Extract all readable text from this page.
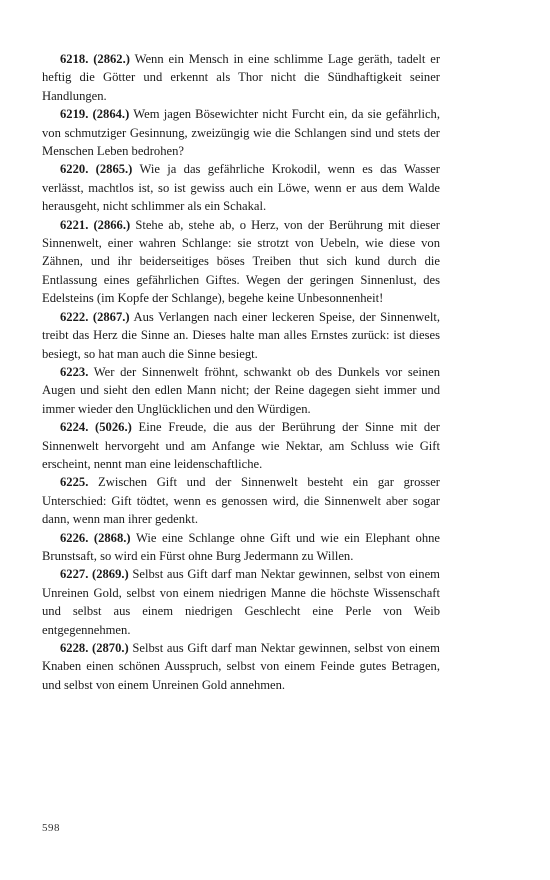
6218. (2862.) Wenn ein Mensch in eine schlimme Lage geräth, tadelt er heftig die Götter und erkennt als Thor nicht die Sündhaftigkeit seiner Handlungen.

6219. (2864.) Wem jagen Bösewichter nicht Furcht ein, da sie gefährlich, von schmutziger Gesinnung, zweizüngig wie die Schlangen sind und stets der Menschen Leben bedrohen?

6220. (2865.) Wie ja das gefährliche Krokodil, wenn es das Wasser verlässt, machtlos ist, so ist gewiss auch ein Löwe, wenn er aus dem Walde herausgeht, nicht schlimmer als ein Schakal.

6221. (2866.) Stehe ab, stehe ab, o Herz, von der Berührung mit dieser Sinnenwelt, einer wahren Schlange: sie strotzt von Uebeln, wie diese von Zähnen, und ihr beiderseitiges böses Treiben thut sich kund durch die Entlassung eines gefährlichen Giftes. Wegen der geringen Sinnenlust, des Edelsteins (im Kopfe der Schlange), begehe keine Unbesonnenheit!

6222. (2867.) Aus Verlangen nach einer leckeren Speise, der Sinnenwelt, treibt das Herz die Sinne an. Dieses halte man alles Ernstes zurück: ist dieses besiegt, so hat man auch die Sinne besiegt.

6223. Wer der Sinnenwelt fröhnt, schwankt ob des Dunkels vor seinen Augen und sieht den edlen Mann nicht; der Reine dagegen sieht immer und immer wieder den Unglücklichen und den Würdigen.

6224. (5026.) Eine Freude, die aus der Berührung der Sinne mit der Sinnenwelt hervorgeht und am Anfange wie Nektar, am Schluss wie Gift erscheint, nennt man eine leidenschaftliche.

6225. Zwischen Gift und der Sinnenwelt besteht ein gar grosser Unterschied: Gift tödtet, wenn es genossen wird, die Sinnenwelt aber sogar dann, wenn man ihrer gedenkt.

6226. (2868.) Wie eine Schlange ohne Gift und wie ein Elephant ohne Brunstsaft, so wird ein Fürst ohne Burg Jedermann zu Willen.

6227. (2869.) Selbst aus Gift darf man Nektar gewinnen, selbst von einem Unreinen Gold, selbst von einem niedrigen Manne die höchste Wissenschaft und selbst aus einem niedrigen Geschlecht eine Perle von Weib entgegennehmen.

6228. (2870.) Selbst aus Gift darf man Nektar gewinnen, selbst von einem Knaben einen schönen Ausspruch, selbst von einem Feinde gutes Betragen, und selbst von einem Unreinen Gold annehmen.

598
